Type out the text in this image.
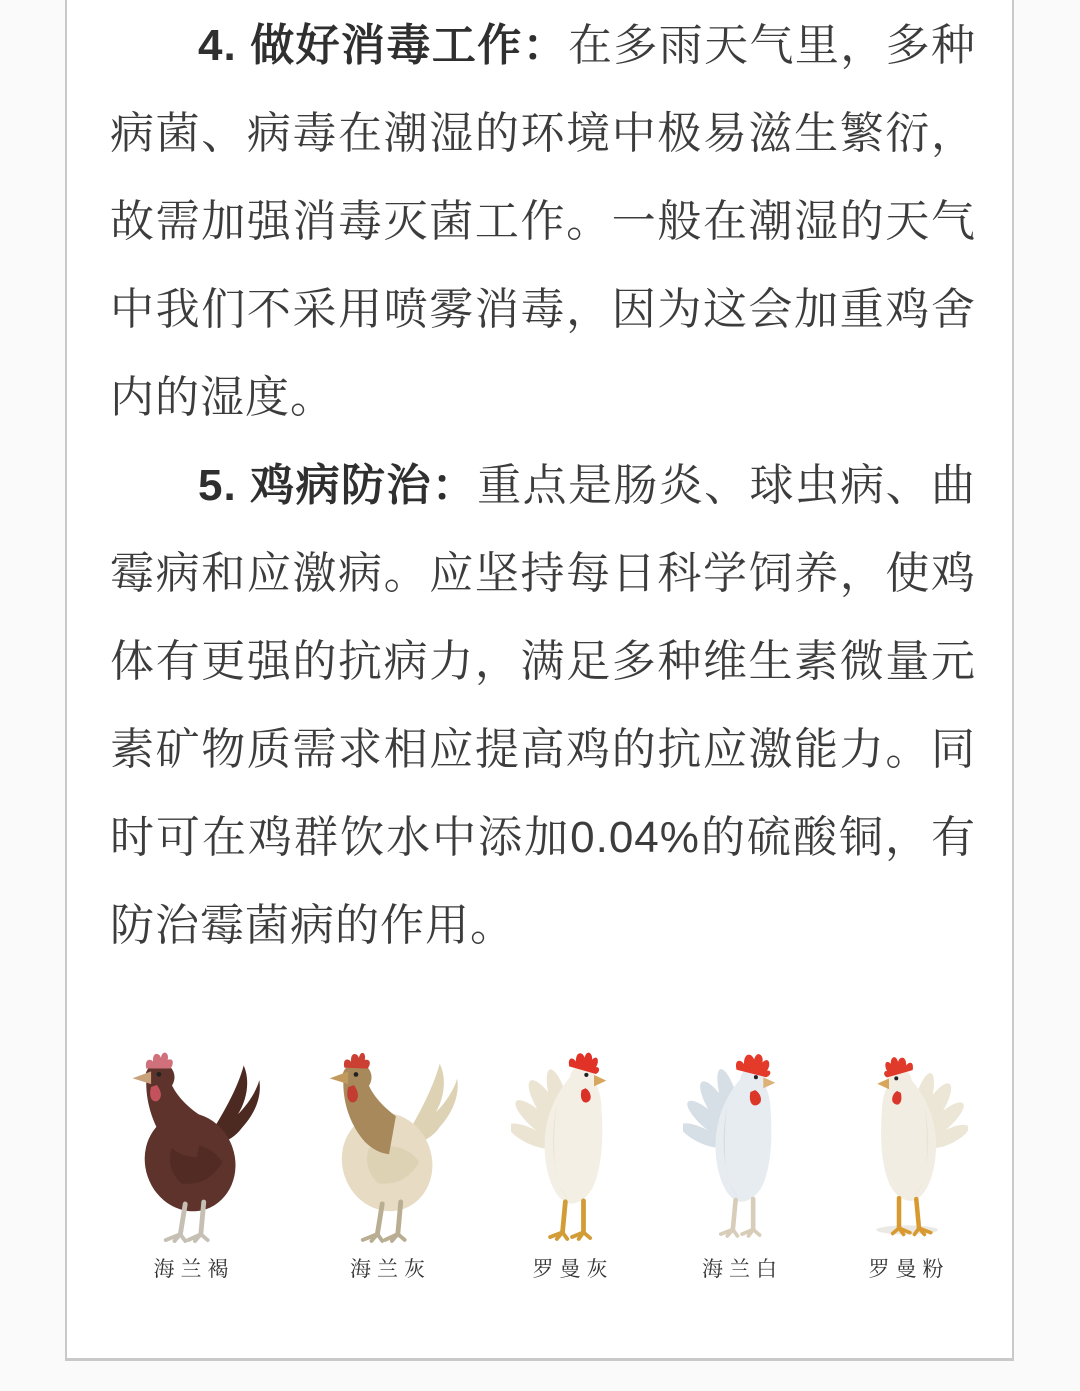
4. 做好消毒工作：在多雨天气里，多种病菌、病毒在潮湿的环境中极易滋生繁衍，故需加强消毒灭菌工作。一般在潮湿的天气中我们不采用喷雾消毒，因为这会加重鸡舍内的湿度。

5. 鸡病防治：重点是肠炎、球虫病、曲霉病和应激病。应坚持每日科学饲养，使鸡体有更强的抗病力，满足多种维生素微量元素矿物质需求相应提高鸡的抗应激能力。同时可在鸡群饮水中添加0.04%的硫酸铜，有防治霉菌病的作用。

海兰褐	海兰灰	罗曼灰	海兰白	罗曼粉
